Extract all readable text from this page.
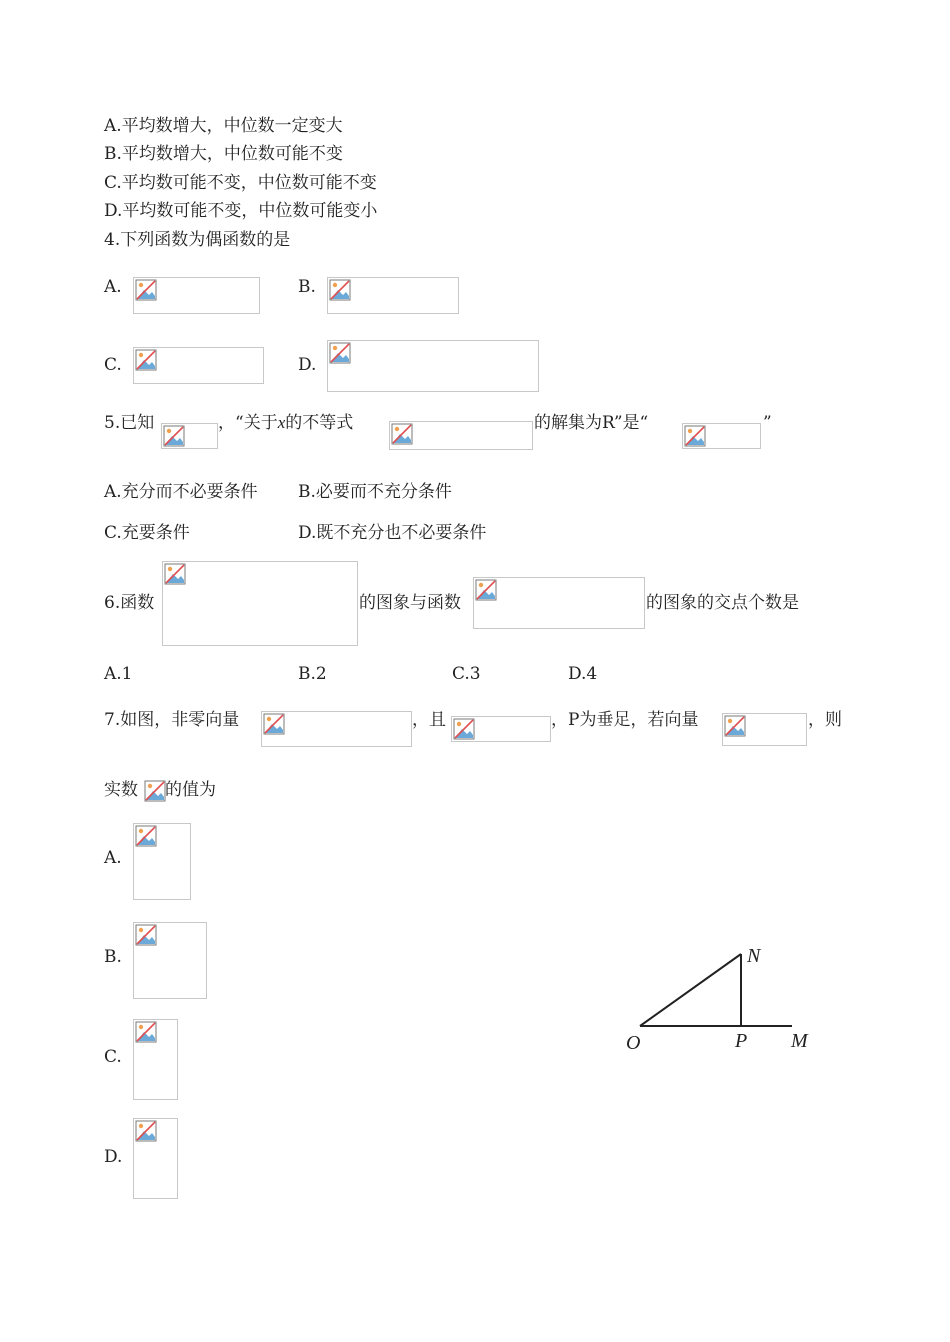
A.平均数增大，中位数一定变大
B.平均数增大，中位数可能不变
C.平均数可能不变，中位数可能不变
D.平均数可能不变，中位数可能变小
4.下列函数为偶函数的是
A.	B.
C.	D.
5.已知	，“关于x的不等式	的解集为R”是“	”
A.充分而不必要条件 B.必要而不充分条件
C.充要条件	D.既不充分也不必要条件
6.函数	的图象与函数	的图象的交点个数是
A.1	B.2	C.3	D.4
7.如图，非零向量	，且	，P为垂足，若向量	，则
实数 的值为
A.
B.
C.
D.
O	P M
N
